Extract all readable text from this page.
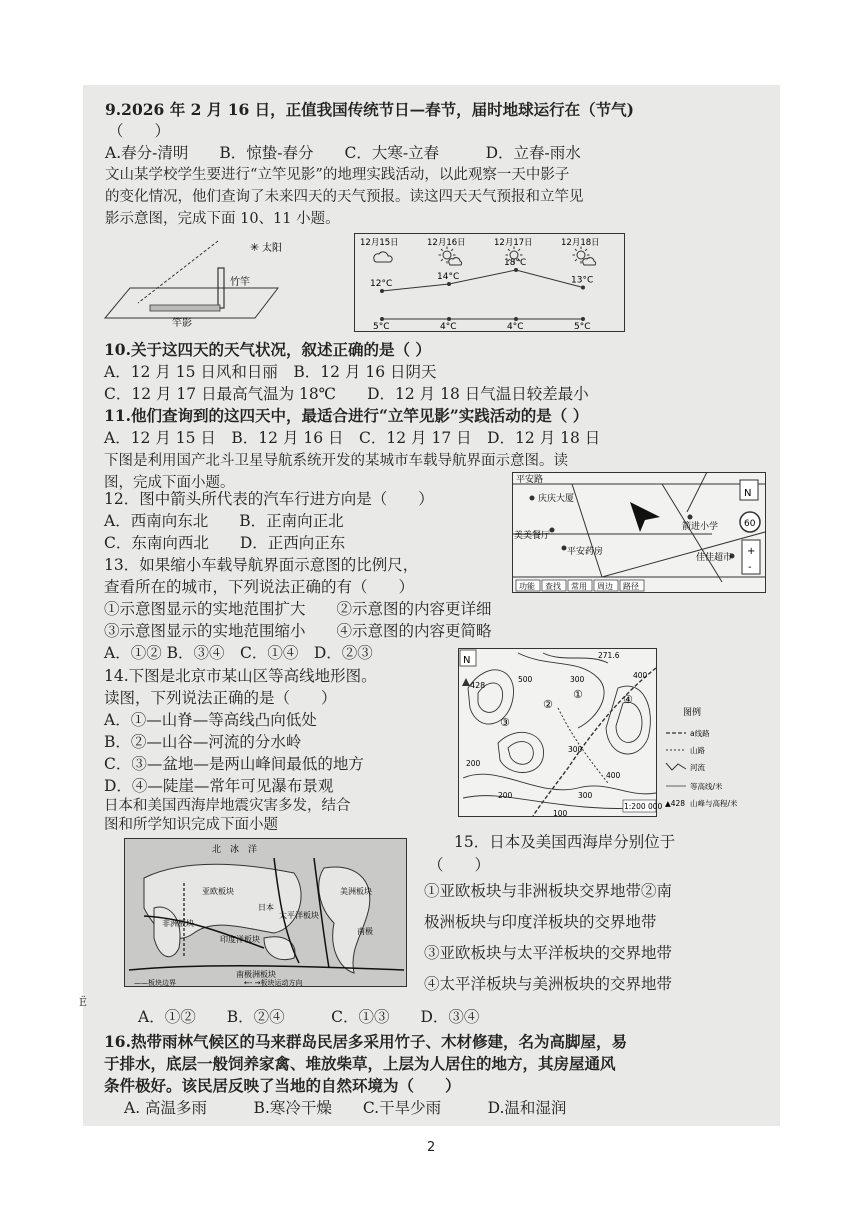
9.2026 年 2 月 16 日，正值我国传统节日—春节，届时地球运行在（节气)
（　　）
A.春分-清明　　B．惊蛰-春分　　C．大寒-立春　　　D．立春-雨水
文山某学校学生要进行“立竿见影”的地理实践活动，以此观察一天中影子
的变化情况，他们查询了未来四天的天气预报。读这四天天气预报和立竿见
影示意图，完成下面 10、11 小题。
✳ 太阳
竹竿
竿影
12月15日	12月16日	12月17日	12月18日
12°C
5°C
14°C
4°C
18°C
4°C
13°C
5°C
10.关于这四天的天气状况，叙述正确的是（ ）
A．12 月 15 日风和日丽　B．12 月 16 日阴天
C．12 月 17 日最高气温为 18℃　　D．12 月 18 日气温日较差最小
11.他们查询到的这四天中，最适合进行“立竿见影”实践活动的是（ ）
A．12 月 15 日　B．12 月 16 日　C．12 月 17 日　D．12 月 18 日
下图是利用国产北斗卫星导航系统开发的某城市车载导航界面示意图。读
图，完成下面小题。
12．图中箭头所代表的汽车行进方向是（　　）
A．西南向东北　　B．正南向正北
C．东南向西北　　D．正西向正东
平安路
庆庆大厦
美美餐厅
平安药房
箭进小学
佳佳超市
N
60
+
-
功能 查找 常用 周边 路径
13．如果缩小车载导航界面示意图的比例尺，
查看所在的城市，下列说法正确的有（　　）
①示意图显示的实地范围扩大　　②示意图的内容更详细
③示意图显示的实地范围缩小　　④示意图的内容更简略
A．①② B．③④　C．①④　D．②③
14.下图是北京市某山区等高线地形图。
读图，下列说法正确的是（　　）
A．①—山脊—等高线凸向低处
B．②—山谷—河流的分水岭
C．③—盆地—是两山峰间最低的地方
D．④—陡崖—常年可见瀑布景观
N
428
500	300	400
200
300
400
300
200
100
271.6
①
②
③
④
1:200 000
图例
a线路
山路
河流
等高线/米
山峰与高程/米
▲428
日本和美国西海岸地震灾害多发，结合
图和所学知识完成下面小题
北　冰　洋
亚欧板块	美洲板块
太平洋板块
非洲板块
印度洋板块
南极洲板块
南极
日本
——板块边界	←- →板块运动方向
Ё
15．日本及美国西海岸分别位于
（　　）
①亚欧板块与非洲板块交界地带②南
极洲板块与印度洋板块的交界地带
③亚欧板块与太平洋板块的交界地带
④太平洋板块与美洲板块的交界地带
A．①②　　B．②④　　　C．①③　　D．③④
16.热带雨林气候区的马来群岛民居多采用竹子、木材修建，名为高脚屋，易
于排水，底层一般饲养家禽、堆放柴草，上层为人居住的地方，其房屋通风
条件极好。该民居反映了当地的自然环境为（　　）
A. 高温多雨　　　B.寒冷干燥　　C.干旱少雨　　　D.温和湿润
2
